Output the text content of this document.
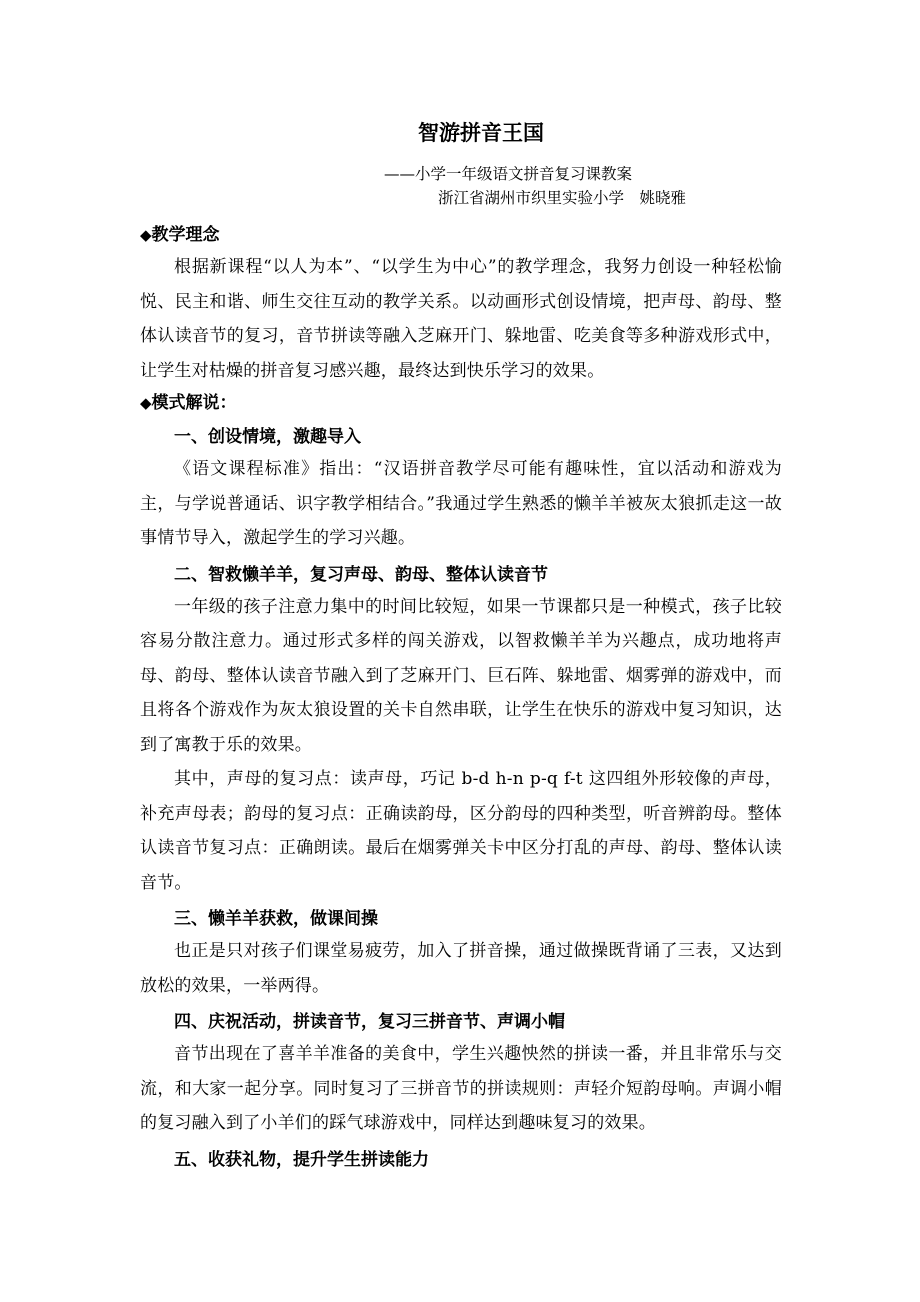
智游拼音王国
——小学一年级语文拼音复习课教案
浙江省湖州市织里实验小学　姚晓雅
◆教学理念

根据新课程“以人为本”、“以学生为中心”的教学理念，我努力创设一种轻松愉悦、民主和谐、师生交往互动的教学关系。以动画形式创设情境，把声母、韵母、整体认读音节的复习，音节拼读等融入芝麻开门、躲地雷、吃美食等多种游戏形式中，让学生对枯燥的拼音复习感兴趣，最终达到快乐学习的效果。

◆模式解说：
一、创设情境，激趣导入

《语文课程标准》指出：“汉语拼音教学尽可能有趣味性，宜以活动和游戏为主，与学说普通话、识字教学相结合。”我通过学生熟悉的懒羊羊被灰太狼抓走这一故事情节导入，激起学生的学习兴趣。

二、智救懒羊羊，复习声母、韵母、整体认读音节

一年级的孩子注意力集中的时间比较短，如果一节课都只是一种模式，孩子比较容易分散注意力。通过形式多样的闯关游戏，以智救懒羊羊为兴趣点，成功地将声母、韵母、整体认读音节融入到了芝麻开门、巨石阵、躲地雷、烟雾弹的游戏中，而且将各个游戏作为灰太狼设置的关卡自然串联，让学生在快乐的游戏中复习知识，达到了寓教于乐的效果。

其中，声母的复习点：读声母，巧记 b-d h-n p-q f-t 这四组外形较像的声母，补充声母表；韵母的复习点：正确读韵母，区分韵母的四种类型，听音辨韵母。整体认读音节复习点：正确朗读。最后在烟雾弹关卡中区分打乱的声母、韵母、整体认读音节。

三、懒羊羊获救，做课间操

也正是只对孩子们课堂易疲劳，加入了拼音操，通过做操既背诵了三表，又达到放松的效果，一举两得。

四、庆祝活动，拼读音节，复习三拼音节、声调小帽

音节出现在了喜羊羊准备的美食中，学生兴趣怏然的拼读一番，并且非常乐与交流，和大家一起分享。同时复习了三拼音节的拼读规则：声轻介短韵母响。声调小帽的复习融入到了小羊们的踩气球游戏中，同样达到趣味复习的效果。

五、收获礼物，提升学生拼读能力
